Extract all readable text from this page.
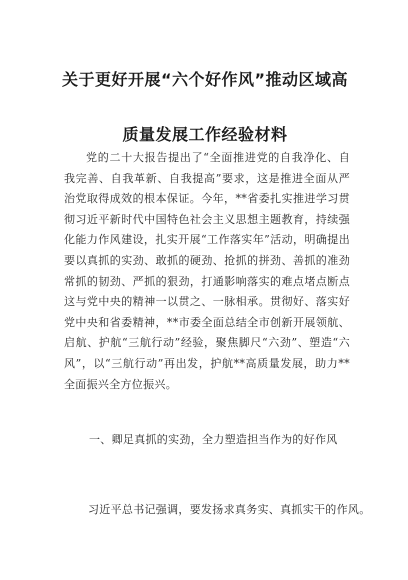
关于更好开展“六个好作风”推动区域高
质量发展工作经验材料

党的二十大报告提出了“全面推进党的自我净化、自我完善、自我革新、自我提高”要求，这是推进全面从严治党取得成效的根本保证。今年，**省委扎实推进学习贯彻习近平新时代中国特色社会主义思想主题教育，持续强化能力作风建设，扎实开展“工作落实年”活动，明确提出要以真抓的实劲、敢抓的硬劲、抢抓的拼劲、善抓的准劲常抓的韧劲、严抓的狠劲，打通影响落实的难点堵点断点这与党中央的精神一以贯之、一脉相承。贯彻好、落实好党中央和省委精神，**市委全面总结全市创新开展领航、启航、护航“三航行动”经验，聚焦脚尺“六劲”、塑造“六风”，以“三航行动”再出发，护航**高质量发展，助力**全面振兴全方位振兴。

一、卿足真抓的实劲，全力塑造担当作为的好作风

习近平总书记强调，要发扬求真务实、真抓实干的作风。
